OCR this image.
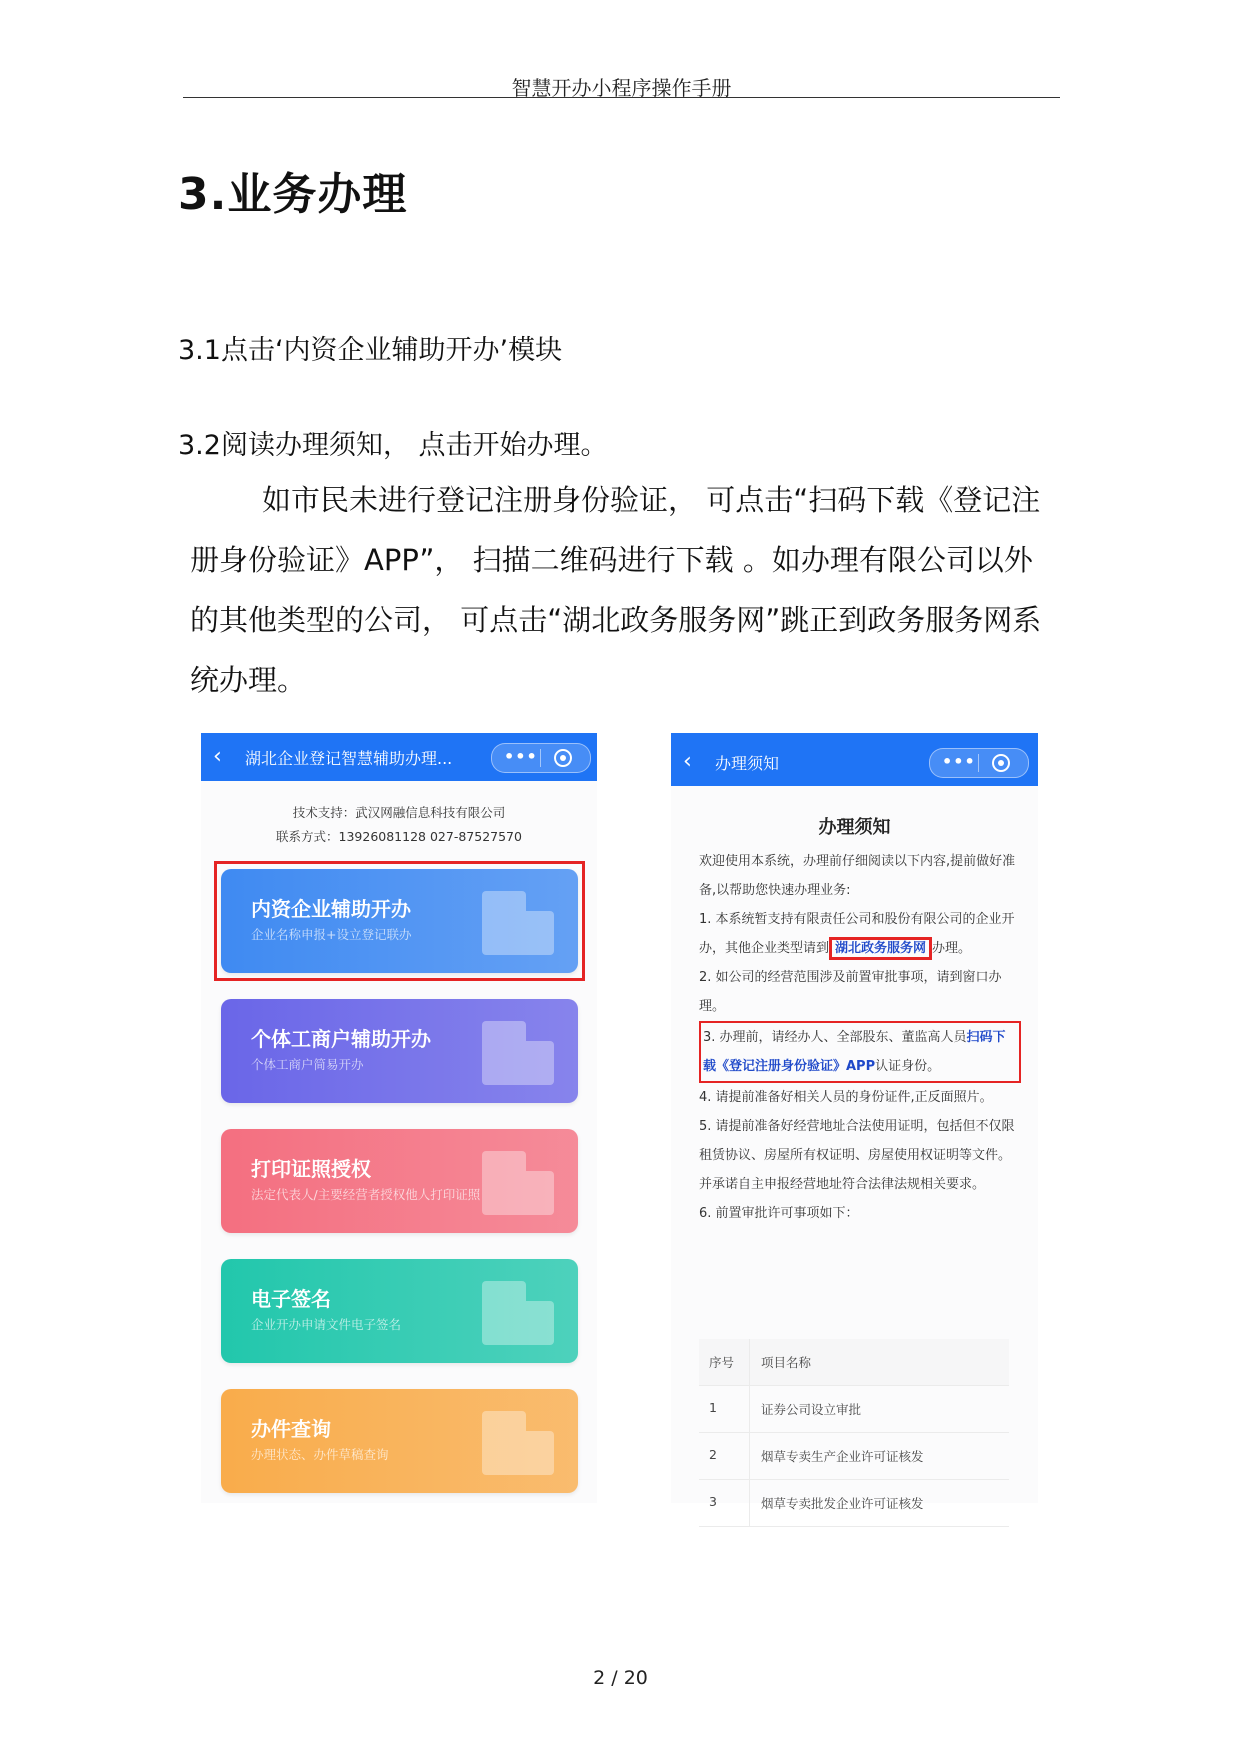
智慧开办小程序操作手册
3.业务办理
3.1点击‘内资企业辅助开办’模块
3.2阅读办理须知， 点击开始办理。
如市民未进行登记注册身份验证， 可点击“扫码下载《登记注册身份验证》APP”， 扫描二维码进行下载 。如办理有限公司以外的其他类型的公司， 可点击“湖北政务服务网”跳正到政务服务网系统办理。
‹ 湖北企业登记智慧辅助办理...	•••
技术支持：武汉网融信息科技有限公司
联系方式：13926081128 027-87527570
内资企业辅助开办
企业名称申报+设立登记联办
个体工商户辅助开办
个体工商户简易开办
打印证照授权
法定代表人/主要经营者授权他人打印证照
电子签名
企业开办申请文件电子签名
办件查询
办理状态、办件草稿查询
‹ 办理须知	•••
办理须知

欢迎使用本系统，办理前仔细阅读以下内容,提前做好准备,以帮助您快速办理业务:

1. 本系统暂支持有限责任公司和股份有限公司的企业开办，其他企业类型请到 湖北政务服务网 办理。

2. 如公司的经营范围涉及前置审批事项，请到窗口办理。

3. 办理前，请经办人、全部股东、董监高人员扫码下载《登记注册身份验证》APP认证身份。

4. 请提前准备好相关人员的身份证件,正反面照片。

5. 请提前准备好经营地址合法使用证明，包括但不仅限租赁协议、房屋所有权证明、房屋使用权证明等文件。并承诺自主申报经营地址符合法律法规相关要求。

6. 前置审批许可事项如下：

序号	项目名称
1	证券公司设立审批
2	烟草专卖生产企业许可证核发
3	烟草专卖批发企业许可证核发
2 / 20
